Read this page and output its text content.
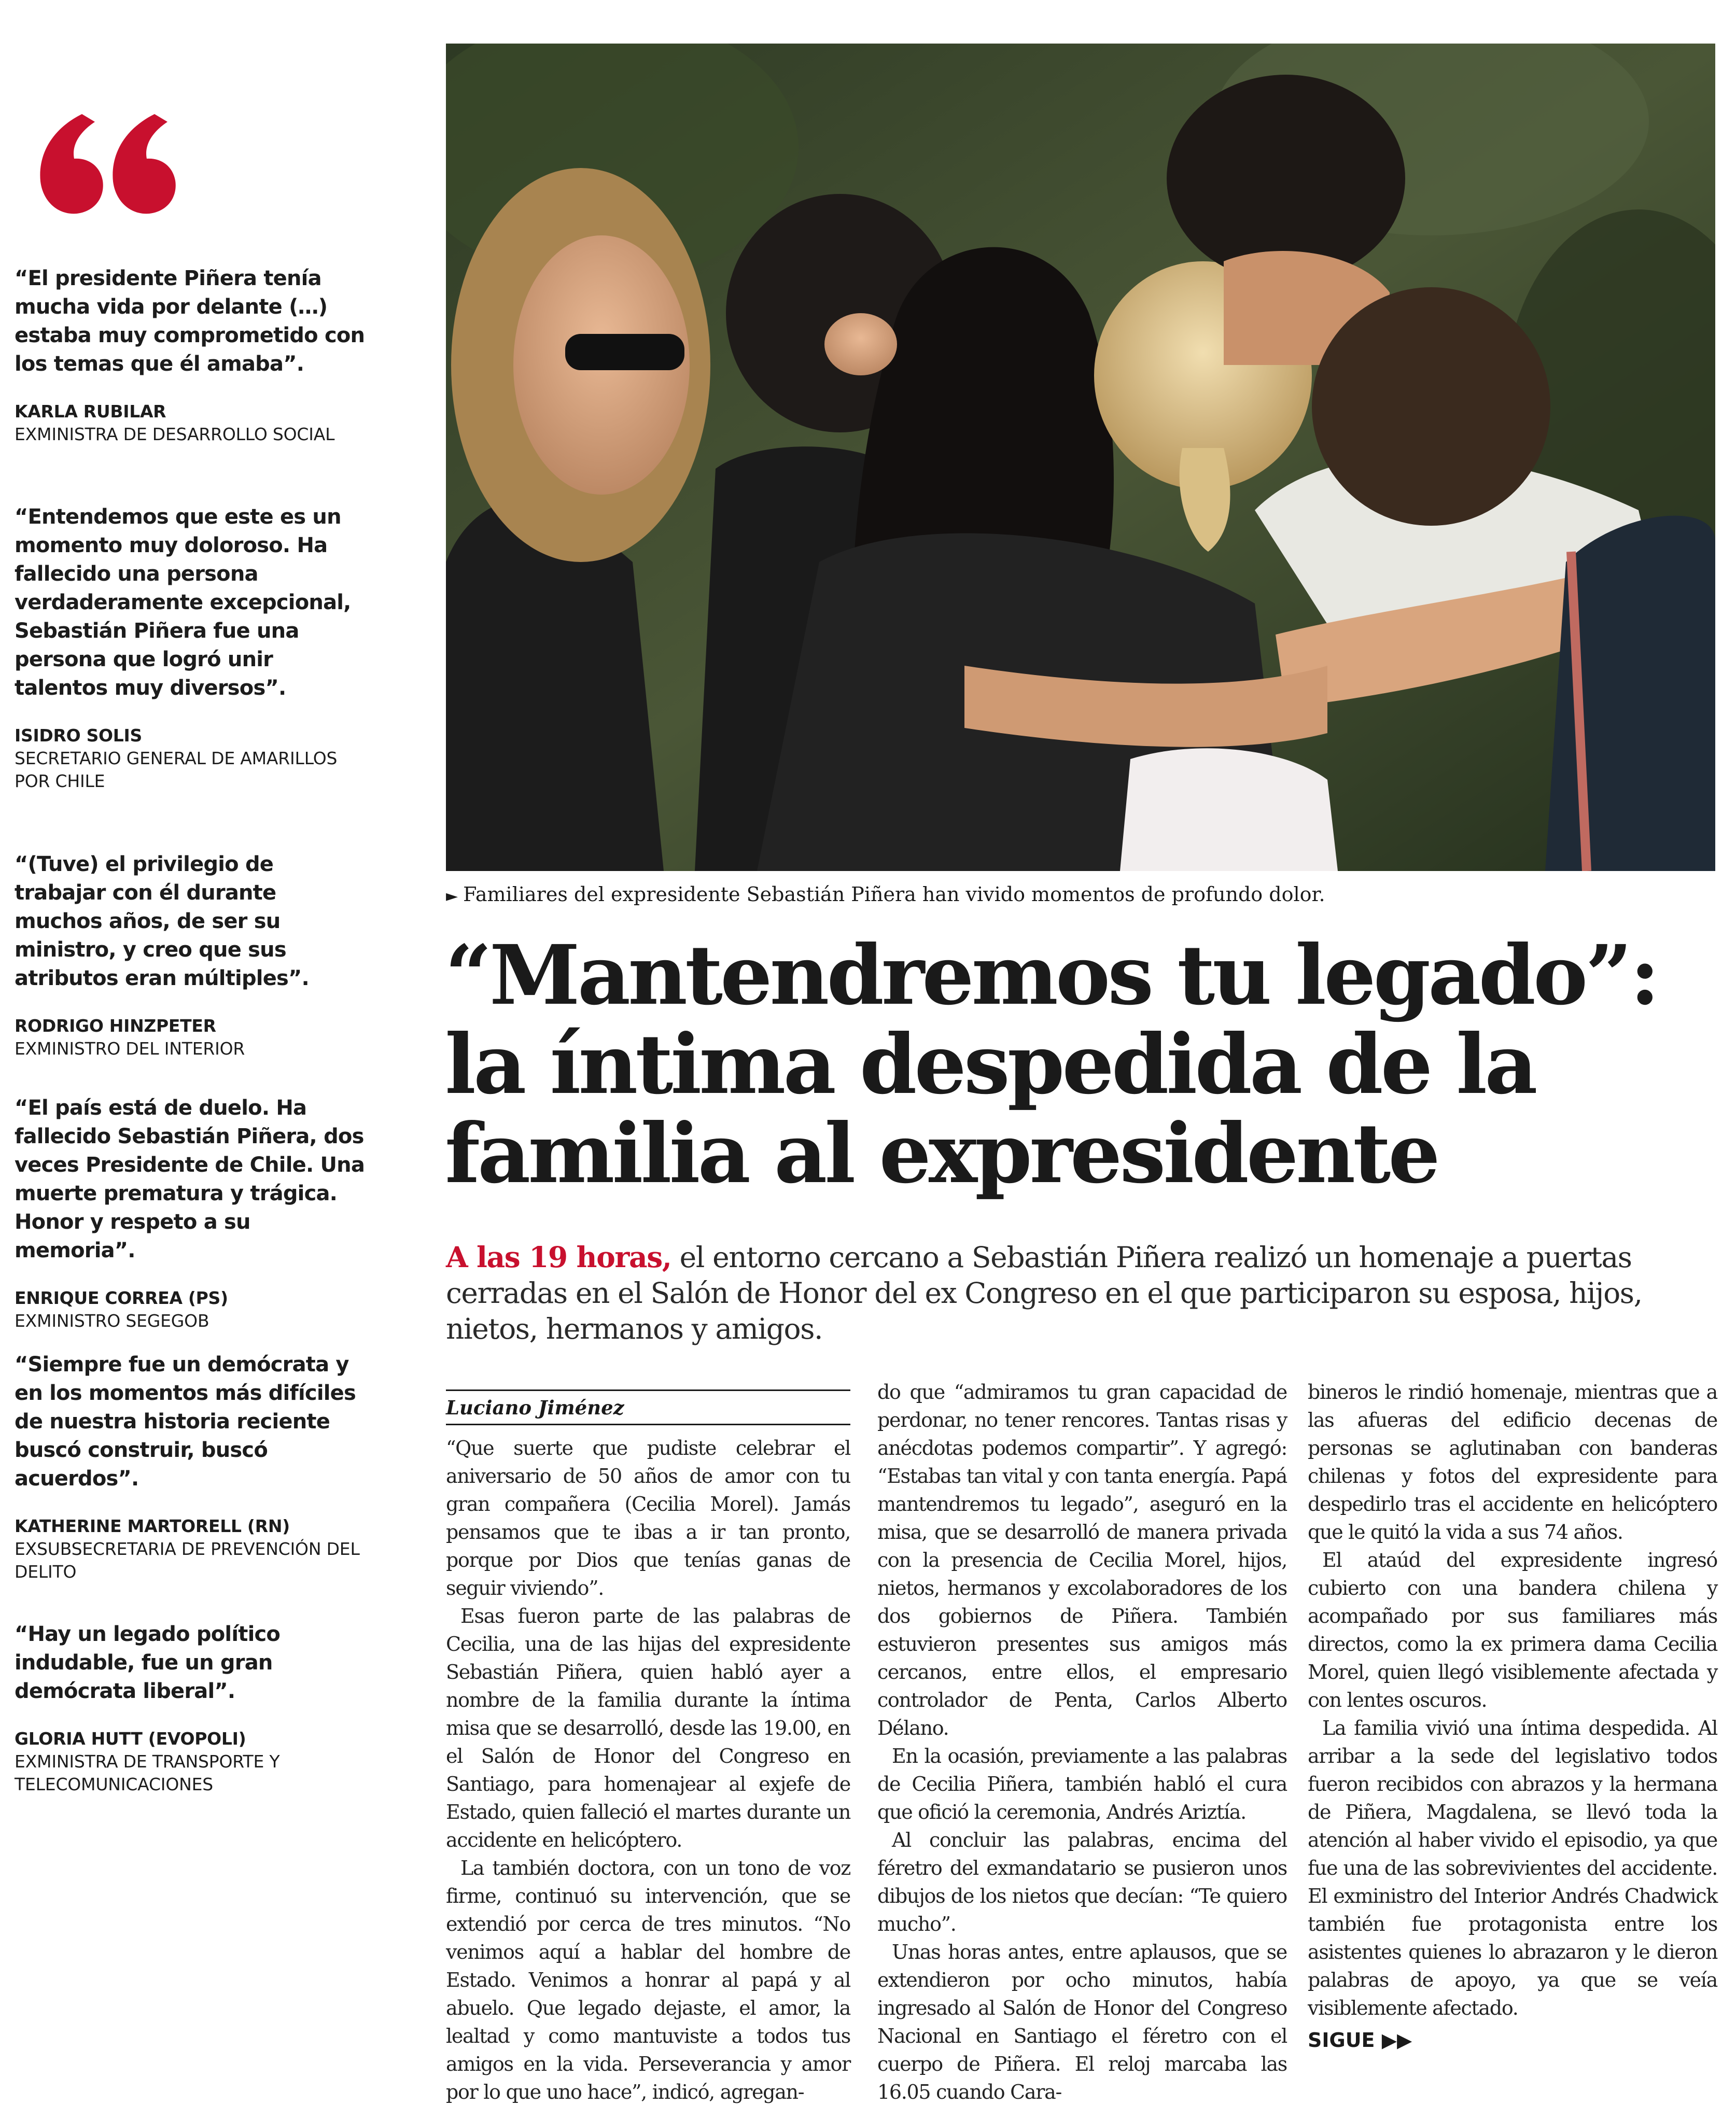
“El presidente Piñera tenía mucha vida por delante (…) estaba muy comprometido con los temas que él amaba”.

KARLA RUBILAR

EXMINISTRA DE DESARROLLO SOCIAL

“Entendemos que este es un momento muy doloroso. Ha fallecido una persona verdaderamente excepcional, Sebastián Piñera fue una persona que logró unir talentos muy diversos”.

ISIDRO SOLIS

SECRETARIO GENERAL DE AMARILLOS POR CHILE

“(Tuve) el privilegio de trabajar con él durante muchos años, de ser su ministro, y creo que sus atributos eran múltiples”.

RODRIGO HINZPETER

EXMINISTRO DEL INTERIOR

“El país está de duelo. Ha fallecido Sebastián Piñera, dos veces Presidente de Chile. Una muerte prematura y trágica. Honor y respeto a su memoria”.

ENRIQUE CORREA (PS)

EXMINISTRO SEGEGOB

“Siempre fue un demócrata y en los momentos más difíciles de nuestra historia reciente buscó construir, buscó acuerdos”.

KATHERINE MARTORELL (RN)

EXSUBSECRETARIA DE PREVENCIÓN DEL DELITO

“Hay un legado político indudable, fue un gran demócrata liberal”.

GLORIA HUTT (EVOPOLI)

EXMINISTRA DE TRANSPORTE Y TELECOMUNICACIONES

► Familiares del expresidente Sebastián Piñera han vivido momentos de profundo dolor.
“Mantendremos tu legado”: la íntima despedida de la familia al expresidente

A las 19 horas, el entorno cercano a Sebastián Piñera realizó un homenaje a puertas cerradas en el Salón de Honor del ex Congreso en el que participaron su esposa, hijos, nietos, hermanos y amigos.

Luciano Jiménez

“Que suerte que pudiste celebrar el aniversario de 50 años de amor con tu gran compañera (Cecilia Morel). Jamás pensamos que te ibas a ir tan pronto, porque por Dios que tenías ganas de seguir viviendo”.

Esas fueron parte de las palabras de Cecilia, una de las hijas del expresidente Sebastián Piñera, quien habló ayer a nombre de la familia durante la íntima misa que se desarrolló, desde las 19.00, en el Salón de Honor del Congreso en Santiago, para homenajear al exjefe de Estado, quien falleció el martes durante un accidente en helicóptero.

La también doctora, con un tono de voz firme, continuó su intervención, que se extendió por cerca de tres minutos. “No venimos aquí a hablar del hombre de Estado. Venimos a honrar al papá y al abuelo. Que legado dejaste, el amor, la lealtad y como mantuviste a todos tus amigos en la vida. Perseverancia y amor por lo que uno hace”, indicó, agregan-

do que “admiramos tu gran capacidad de perdonar, no tener rencores. Tantas risas y anécdotas podemos compartir”. Y agregó: “Estabas tan vital y con tanta energía. Papá mantendremos tu legado”, aseguró en la misa, que se desarrolló de manera privada con la presencia de Cecilia Morel, hijos, nietos, hermanos y excolaboradores de los dos gobiernos de Piñera. También estuvieron presentes sus amigos más cercanos, entre ellos, el empresario controlador de Penta, Carlos Alberto Délano.

En la ocasión, previamente a las palabras de Cecilia Piñera, también habló el cura que ofició la ceremonia, Andrés Ariztía.

Al concluir las palabras, encima del féretro del exmandatario se pusieron unos dibujos de los nietos que decían: “Te quiero mucho”.

Unas horas antes, entre aplausos, que se extendieron por ocho minutos, había ingresado al Salón de Honor del Congreso Nacional en Santiago el féretro con el cuerpo de Piñera. El reloj marcaba las 16.05 cuando Cara-

bineros le rindió homenaje, mientras que a las afueras del edificio decenas de personas se aglutinaban con banderas chilenas y fotos del expresidente para despedirlo tras el accidente en helicóptero que le quitó la vida a sus 74 años.

El ataúd del expresidente ingresó cubierto con una bandera chilena y acompañado por sus familiares más directos, como la ex primera dama Cecilia Morel, quien llegó visiblemente afectada y con lentes oscuros.

La familia vivió una íntima despedida. Al arribar a la sede del legislativo todos fueron recibidos con abrazos y la hermana de Piñera, Magdalena, se llevó toda la atención al haber vivido el episodio, ya que fue una de las sobrevivientes del accidente. El exministro del Interior Andrés Chadwick también fue protagonista entre los asistentes quienes lo abrazaron y le dieron palabras de apoyo, ya que se veía visiblemente afectado.

SIGUE ▶▶
